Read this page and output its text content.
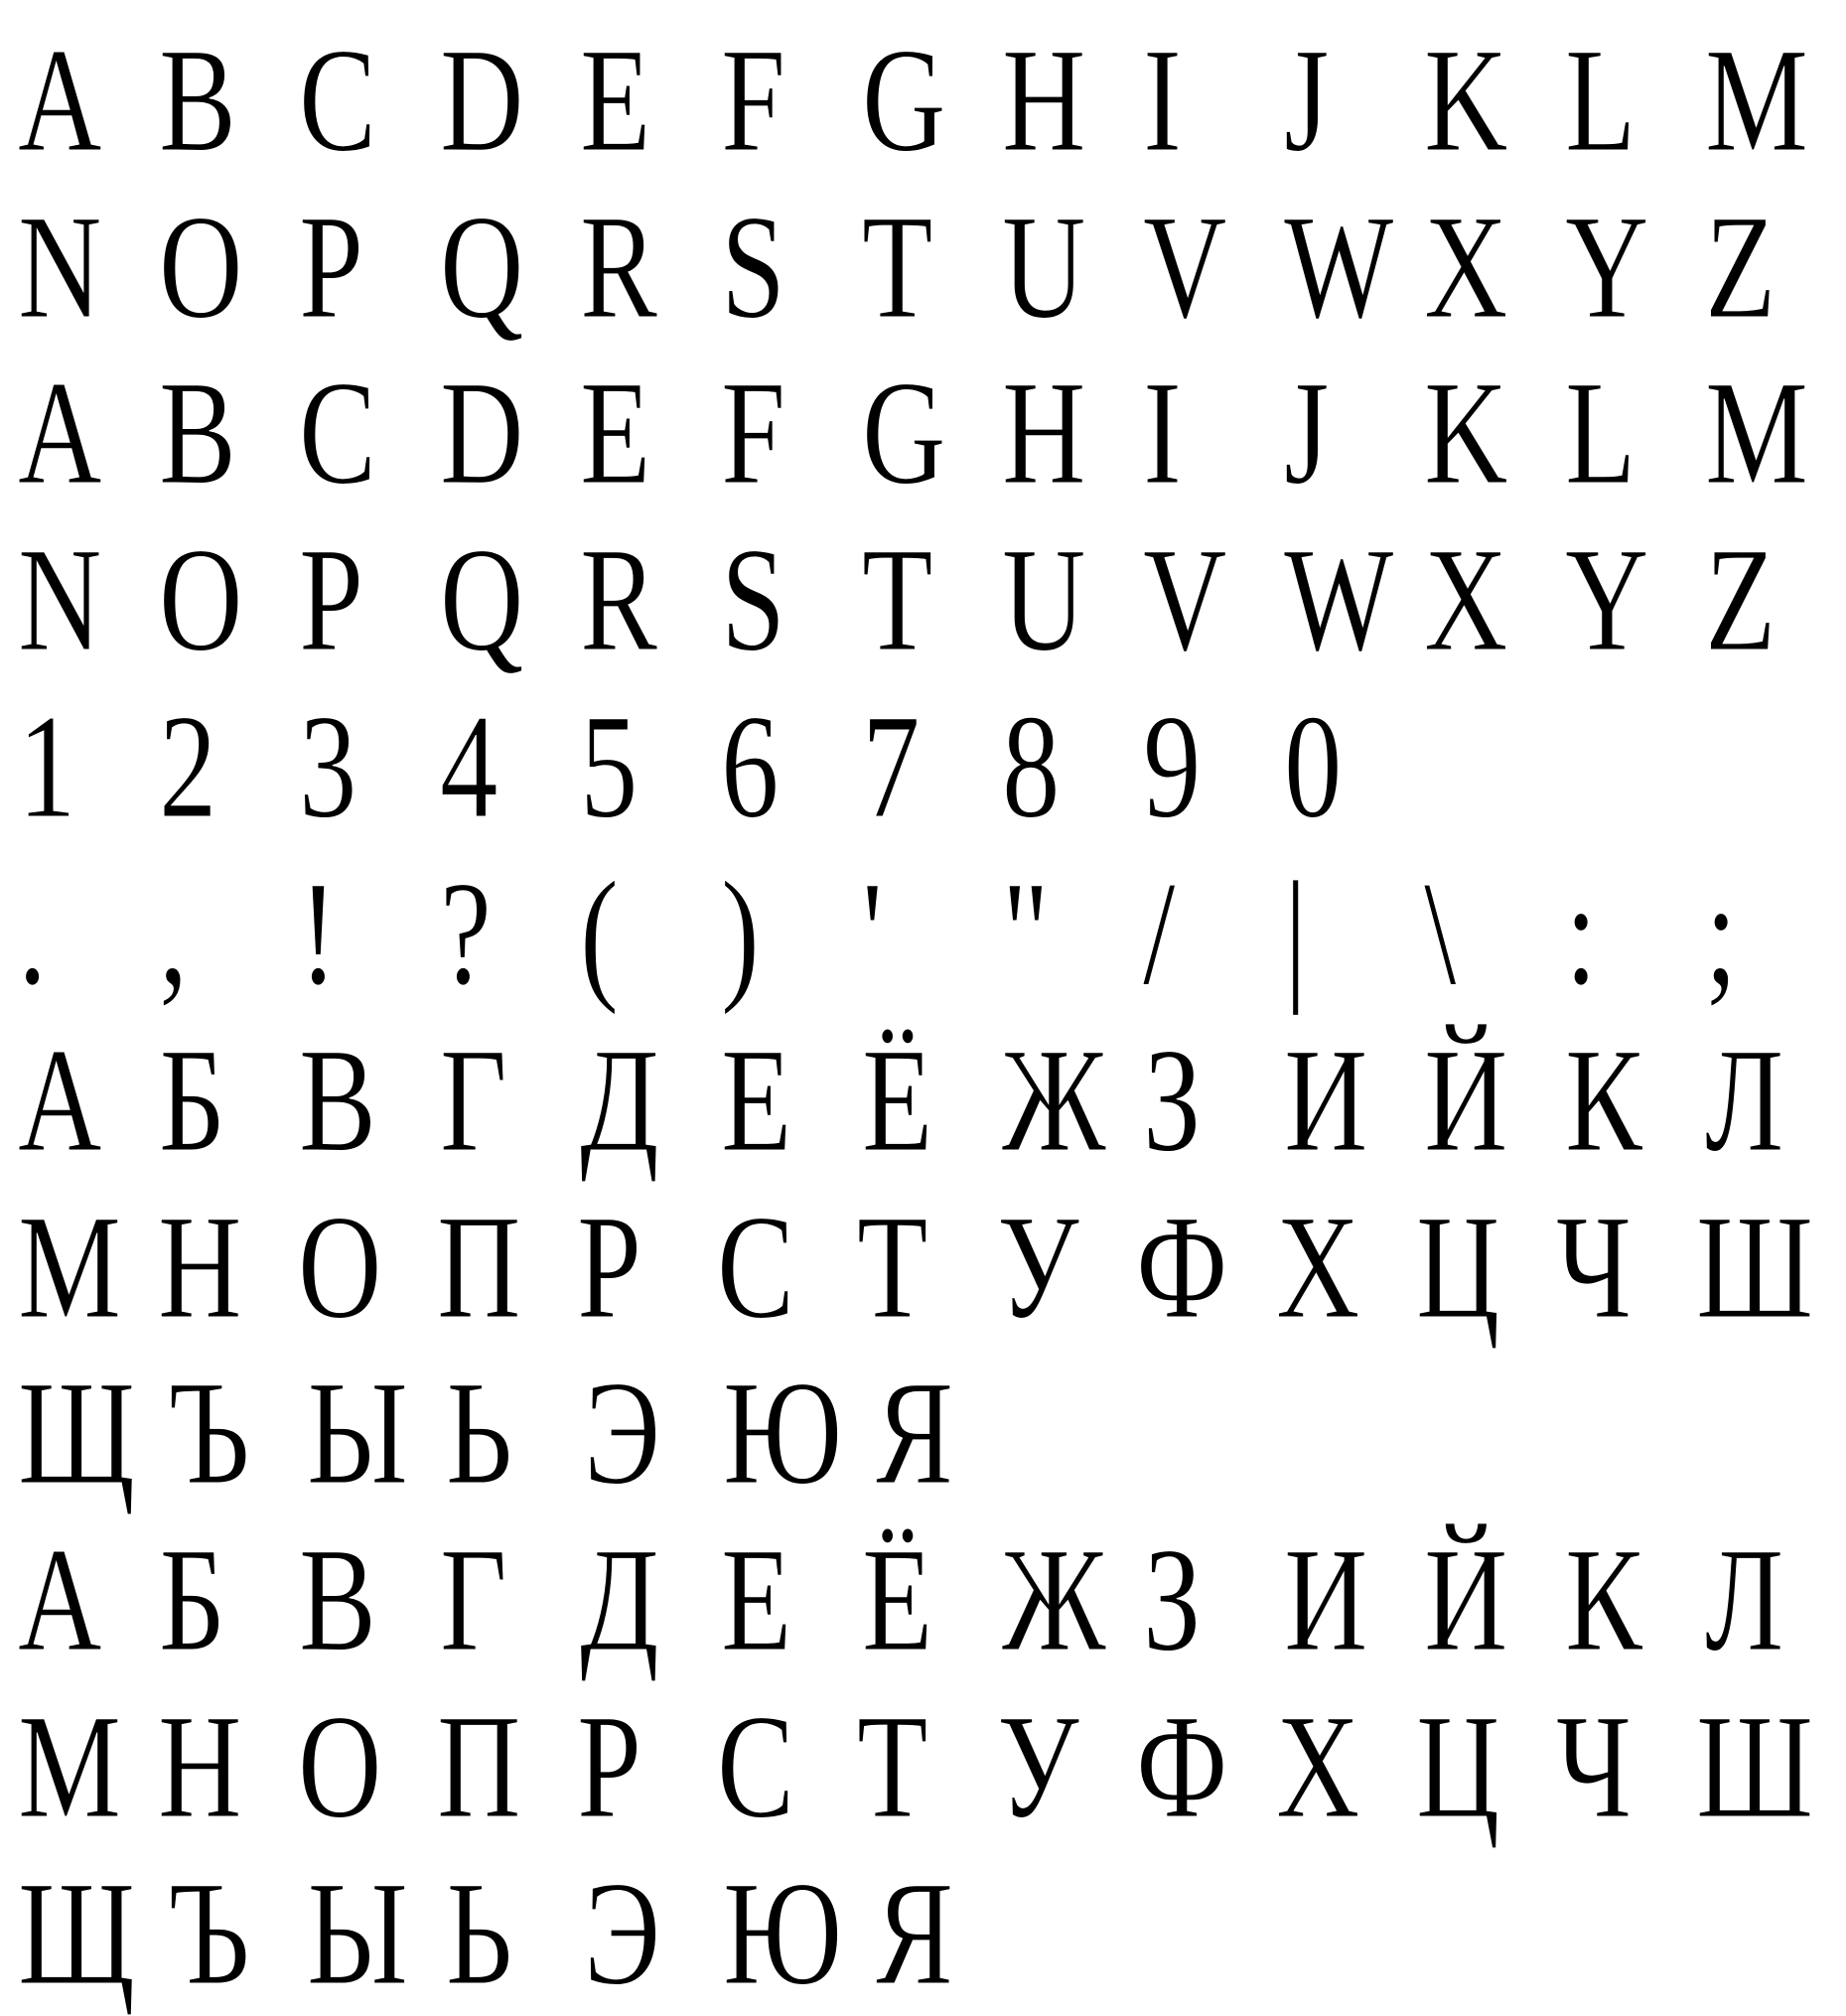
A B C D E F G H I J K L M
N O P Q R S T U V W X Y Z
A B C D E F G H I J K L M
N O P Q R S T U V W X Y Z
1 2 3 4 5 6 7 8 9 0
. , ! ? ( ) ' " / | \ : ;
А Б В Г Д Е Ё Ж З И Й К Л
М Н О П Р С Т У Ф Х Ц Ч Ш
Щ Ъ Ы Ь Э Ю Я
А Б В Г Д Е Ё Ж З И Й К Л
М Н О П Р С Т У Ф Х Ц Ч Ш
Щ Ъ Ы Ь Э Ю Я
